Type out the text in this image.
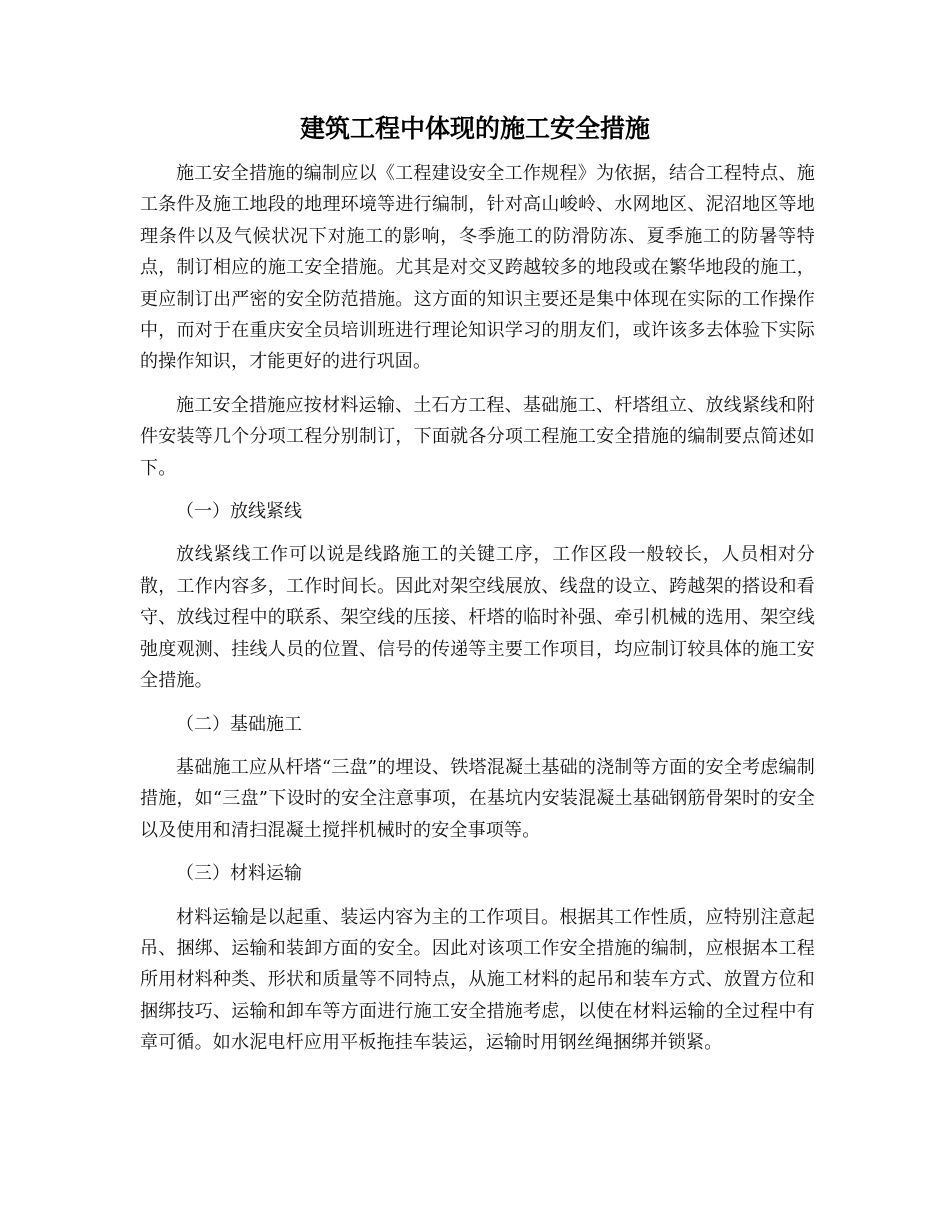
建筑工程中体现的施工安全措施

施工安全措施的编制应以《工程建设安全工作规程》为依据，结合工程特点、施工条件及施工地段的地理环境等进行编制，针对高山峻岭、水网地区、泥沼地区等地理条件以及气候状况下对施工的影响，冬季施工的防滑防冻、夏季施工的防暑等特点，制订相应的施工安全措施。尤其是对交叉跨越较多的地段或在繁华地段的施工，更应制订出严密的安全防范措施。这方面的知识主要还是集中体现在实际的工作操作中，而对于在重庆安全员培训班进行理论知识学习的朋友们，或许该多去体验下实际的操作知识，才能更好的进行巩固。

施工安全措施应按材料运输、土石方工程、基础施工、杆塔组立、放线紧线和附件安装等几个分项工程分别制订，下面就各分项工程施工安全措施的编制要点简述如下。

（一）放线紧线

放线紧线工作可以说是线路施工的关键工序，工作区段一般较长，人员相对分散，工作内容多，工作时间长。因此对架空线展放、线盘的设立、跨越架的搭设和看守、放线过程中的联系、架空线的压接、杆塔的临时补强、牵引机械的选用、架空线弛度观测、挂线人员的位置、信号的传递等主要工作项目，均应制订较具体的施工安全措施。

（二）基础施工

基础施工应从杆塔“三盘”的埋设、铁塔混凝土基础的浇制等方面的安全考虑编制措施，如“三盘”下设时的安全注意事项，在基坑内安装混凝土基础钢筋骨架时的安全以及使用和清扫混凝土搅拌机械时的安全事项等。

（三）材料运输

材料运输是以起重、装运内容为主的工作项目。根据其工作性质，应特别注意起吊、捆绑、运输和装卸方面的安全。因此对该项工作安全措施的编制，应根据本工程所用材料种类、形状和质量等不同特点，从施工材料的起吊和装车方式、放置方位和捆绑技巧、运输和卸车等方面进行施工安全措施考虑，以使在材料运输的全过程中有章可循。如水泥电杆应用平板拖挂车装运，运输时用钢丝绳捆绑并锁紧。
